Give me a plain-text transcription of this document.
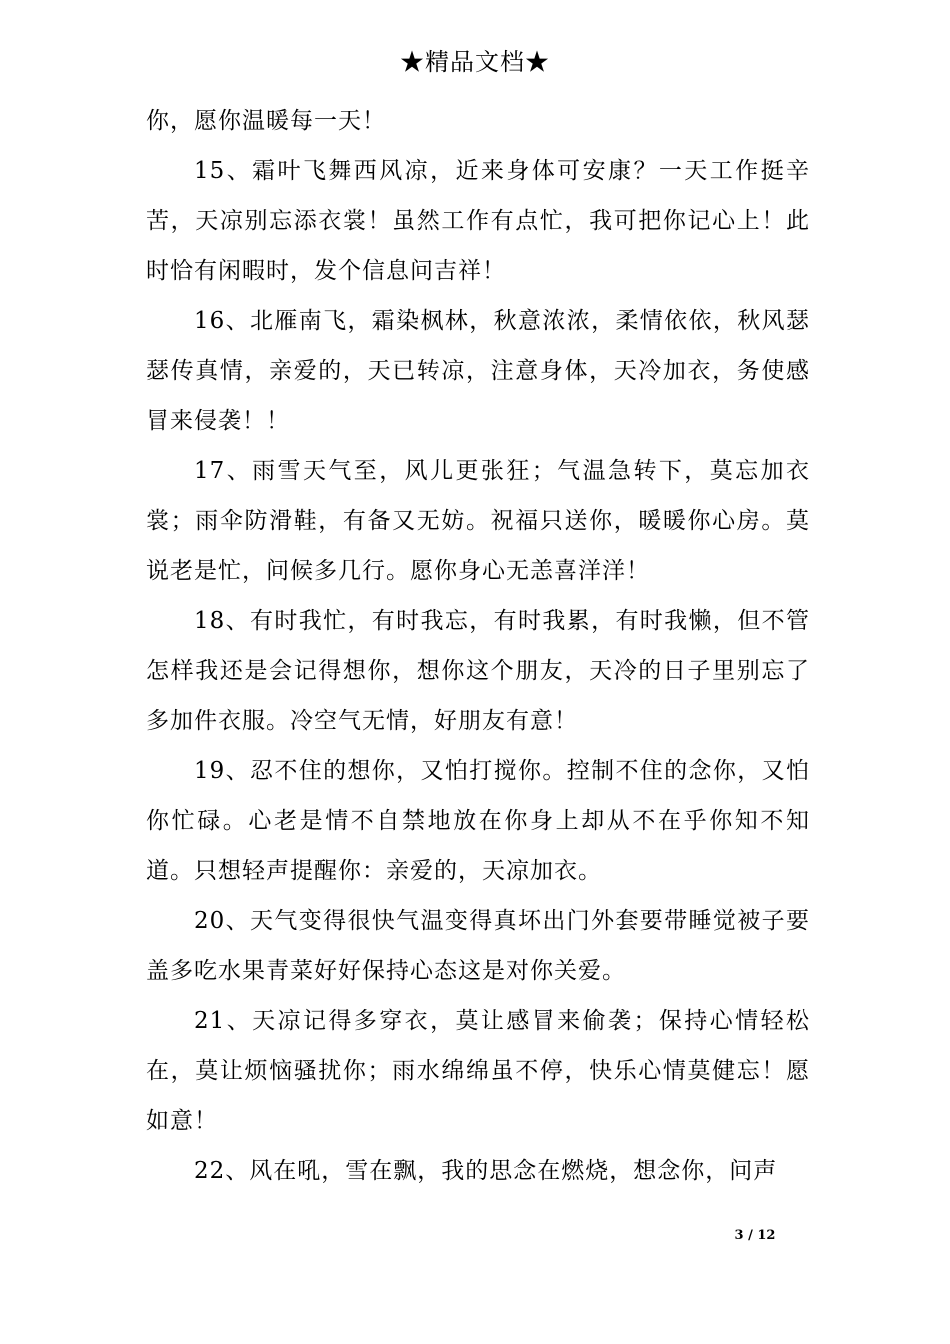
★精品文档★

你，愿你温暖每一天！

15、霜叶飞舞西风凉，近来身体可安康？一天工作挺辛苦，天凉别忘添衣裳！虽然工作有点忙，我可把你记心上！此时恰有闲暇时，发个信息问吉祥！

16、北雁南飞，霜染枫林，秋意浓浓，柔情依依，秋风瑟瑟传真情，亲爱的，天已转凉，注意身体，天冷加衣，务使感冒来侵袭！！

17、雨雪天气至，风儿更张狂；气温急转下，莫忘加衣裳；雨伞防滑鞋，有备又无妨。祝福只送你，暖暖你心房。莫说老是忙，问候多几行。愿你身心无恙喜洋洋！

18、有时我忙，有时我忘，有时我累，有时我懒，但不管怎样我还是会记得想你，想你这个朋友，天冷的日子里别忘了多加件衣服。冷空气无情，好朋友有意！

19、忍不住的想你，又怕打搅你。控制不住的念你，又怕你忙碌。心老是情不自禁地放在你身上却从不在乎你知不知道。只想轻声提醒你：亲爱的，天凉加衣。

20、天气变得很快气温变得真坏出门外套要带睡觉被子要盖多吃水果青菜好好保持心态这是对你关爱。

21、天凉记得多穿衣，莫让感冒来偷袭；保持心情轻松在，莫让烦恼骚扰你；雨水绵绵虽不停，快乐心情莫健忘！愿如意！

22、风在吼，雪在飘，我的思念在燃烧，想念你，问声

3 / 12
